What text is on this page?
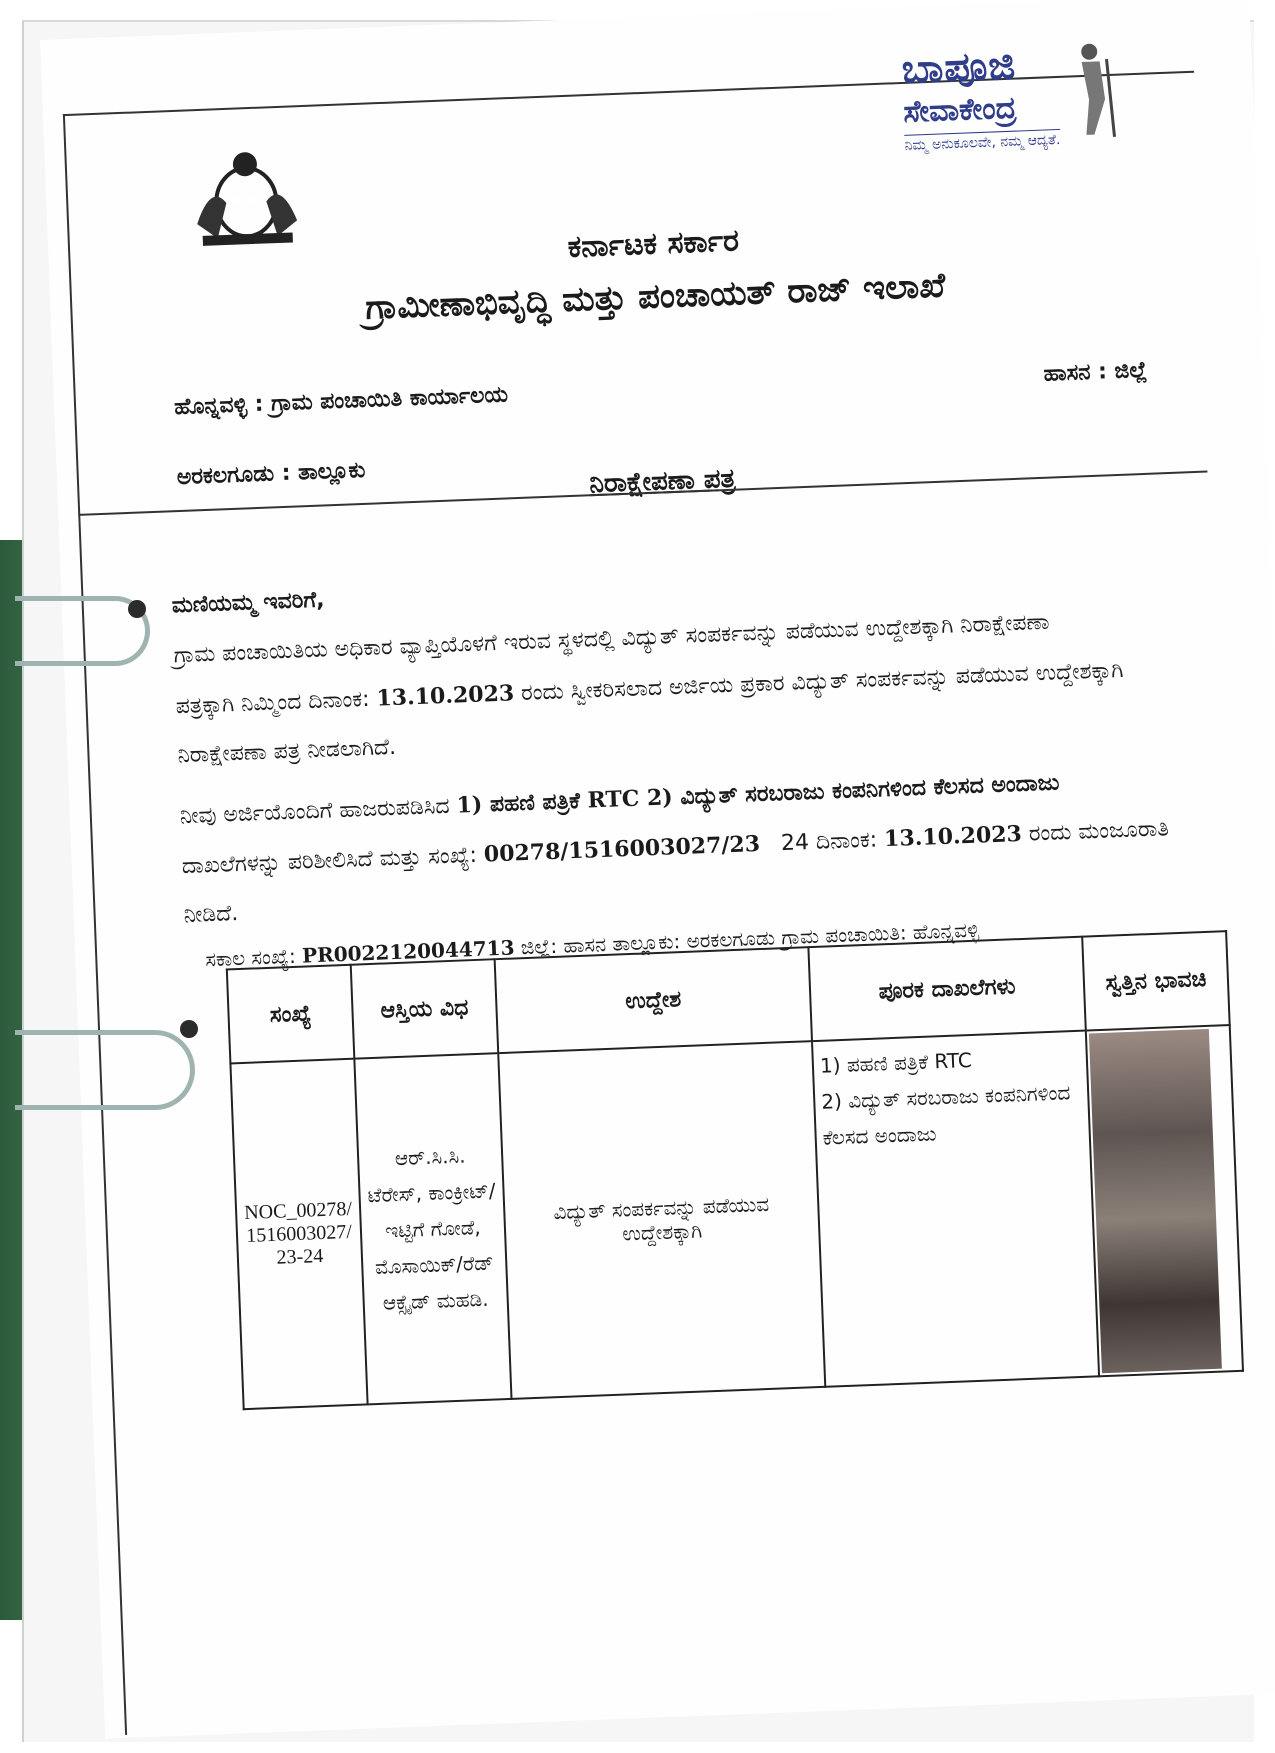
ಬಾಪೂಜಿ
ಸೇವಾಕೇಂದ್ರ
ನಿಮ್ಮ ಅನುಕೂಲವೇ, ನಮ್ಮ ಆದ್ಯತೆ.
ಕರ್ನಾಟಕ ಸರ್ಕಾರ
ಗ್ರಾಮೀಣಾಭಿವೃದ್ಧಿ ಮತ್ತು ಪಂಚಾಯತ್ ರಾಜ್ ಇಲಾಖೆ
ಹೊನ್ನವಳ್ಳಿ : ಗ್ರಾಮ ಪಂಚಾಯಿತಿ ಕಾರ್ಯಾಲಯ
ಹಾಸನ : ಜಿಲ್ಲೆ
ಅರಕಲಗೂಡು : ತಾಲ್ಲೂಕು	ನಿರಾಕ್ಷೇಪಣಾ ಪತ್ರ
ಮಣಿಯಮ್ಮ ಇವರಿಗೆ,
ಗ್ರಾಮ ಪಂಚಾಯಿತಿಯ ಅಧಿಕಾರ ವ್ಯಾಪ್ತಿಯೊಳಗೆ ಇರುವ ಸ್ಥಳದಲ್ಲಿ ವಿದ್ಯುತ್ ಸಂಪರ್ಕವನ್ನು ಪಡೆಯುವ ಉದ್ದೇಶಕ್ಕಾಗಿ ನಿರಾಕ್ಷೇಪಣಾ
ಪತ್ರಕ್ಕಾಗಿ ನಿಮ್ಮಿಂದ ದಿನಾಂಕ: 13.10.2023 ರಂದು ಸ್ವೀಕರಿಸಲಾದ ಅರ್ಜಿಯ ಪ್ರಕಾರ ವಿದ್ಯುತ್ ಸಂಪರ್ಕವನ್ನು ಪಡೆಯುವ ಉದ್ದೇಶಕ್ಕಾಗಿ
ನಿರಾಕ್ಷೇಪಣಾ ಪತ್ರ ನೀಡಲಾಗಿದೆ.
ನೀವು ಅರ್ಜಿಯೊಂದಿಗೆ ಹಾಜರುಪಡಿಸಿದ 1) ಪಹಣಿ ಪತ್ರಿಕೆ RTC 2) ವಿದ್ಯುತ್ ಸರಬರಾಜು ಕಂಪನಿಗಳಿಂದ ಕೆಲಸದ ಅಂದಾಜು
ದಾಖಲೆಗಳನ್ನು ಪರಿಶೀಲಿಸಿದೆ ಮತ್ತು ಸಂಖ್ಯೆ: 00278/1516003027/23 24 ದಿನಾಂಕ: 13.10.2023 ರಂದು ಮಂಜೂರಾತಿ
ನೀಡಿದೆ.
ಸಕಾಲ ಸಂಖ್ಯೆ: PR0022120044713 ಜಿಲ್ಲೆ: ಹಾಸನ ತಾಲ್ಲೂಕು: ಅರಕಲಗೂಡು ಗ್ರಾಮ ಪಂಚಾಯಿತಿ: ಹೊನ್ನವಳ್ಳಿ
ಸಂಖ್ಯೆ	ಆಸ್ತಿಯ ವಿಧ	ಉದ್ದೇಶ	ಪೂರಕ ದಾಖಲೆಗಳು	ಸ್ವತ್ತಿನ ಭಾವಚಿ
NOC_00278/1516003027/23-24	ಆರ್.ಸಿ.ಸಿ. ಟೆರೇಸ್, ಕಾಂಕ್ರೀಟ್/ಇಟ್ಟಿಗೆ ಗೋಡೆ, ಮೊಸಾಯಿಕ್/ರೆಡ್ ಆಕ್ಸೈಡ್ ಮಹಡಿ.	ವಿದ್ಯುತ್ ಸಂಪರ್ಕವನ್ನು ಪಡೆಯುವ ಉದ್ದೇಶಕ್ಕಾಗಿ	1) ಪಹಣಿ ಪತ್ರಿಕೆ RTC
2) ವಿದ್ಯುತ್ ಸರಬರಾಜು ಕಂಪನಿಗಳಿಂದ ಕೆಲಸದ ಅಂದಾಜು	
